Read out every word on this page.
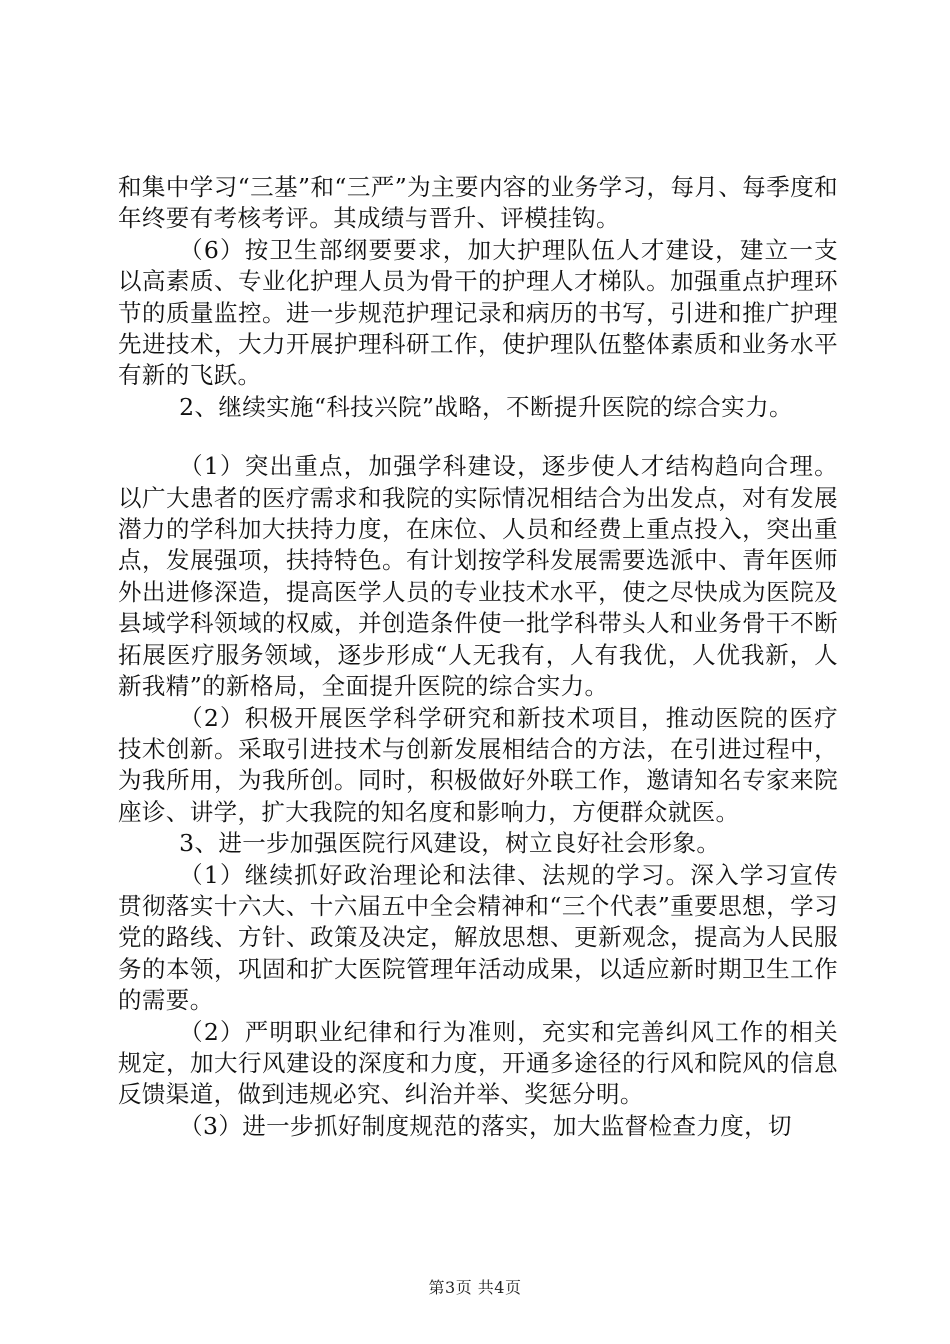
和集中学习“三基”和“三严”为主要内容的业务学习，每月、每季度和年终要有考核考评。其成绩与晋升、评模挂钩。

（6）按卫生部纲要要求，加大护理队伍人才建设，建立一支以高素质、专业化护理人员为骨干的护理人才梯队。加强重点护理环节的质量监控。进一步规范护理记录和病历的书写，引进和推广护理先进技术，大力开展护理科研工作，使护理队伍整体素质和业务水平有新的飞跃。

2、继续实施“科技兴院”战略，不断提升医院的综合实力。

（1）突出重点，加强学科建设，逐步使人才结构趋向合理。以广大患者的医疗需求和我院的实际情况相结合为出发点，对有发展潜力的学科加大扶持力度，在床位、人员和经费上重点投入，突出重点，发展强项，扶持特色。有计划按学科发展需要选派中、青年医师外出进修深造，提高医学人员的专业技术水平，使之尽快成为医院及县域学科领域的权威，并创造条件使一批学科带头人和业务骨干不断拓展医疗服务领域，逐步形成“人无我有，人有我优，人优我新，人新我精”的新格局，全面提升医院的综合实力。

（2）积极开展医学科学研究和新技术项目，推动医院的医疗技术创新。采取引进技术与创新发展相结合的方法，在引进过程中，为我所用，为我所创。同时，积极做好外联工作，邀请知名专家来院座诊、讲学，扩大我院的知名度和影响力，方便群众就医。

3、进一步加强医院行风建设，树立良好社会形象。

（1）继续抓好政治理论和法律、法规的学习。深入学习宣传贯彻落实十六大、十六届五中全会精神和“三个代表”重要思想，学习党的路线、方针、政策及决定，解放思想、更新观念，提高为人民服务的本领，巩固和扩大医院管理年活动成果，以适应新时期卫生工作的需要。

（2）严明职业纪律和行为准则，充实和完善纠风工作的相关规定，加大行风建设的深度和力度，开通多途径的行风和院风的信息反馈渠道，做到违规必究、纠治并举、奖惩分明。

（3）进一步抓好制度规范的落实，加大监督检查力度，切

第3页 共4页
